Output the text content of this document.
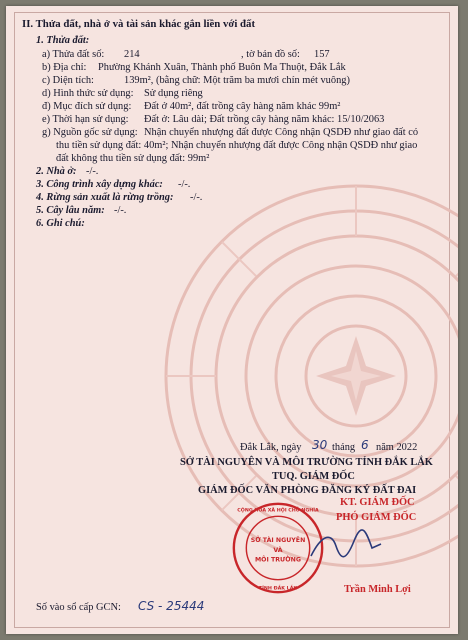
II. Thửa đất, nhà ở và tài sản khác gắn liền với đất
1. Thửa đất:
a) Thửa đất số: 214	, tờ bản đồ số: 157
b) Địa chỉ: Phường Khánh Xuân, Thành phố Buôn Ma Thuột, Đắk Lắk
c) Diện tích:	139m², (bằng chữ: Một trăm ba mươi chín mét vuông)
d) Hình thức sử dụng: Sử dụng riêng
đ) Mục đích sử dụng: Đất ở 40m², đất trồng cây hàng năm khác 99m²
e) Thời hạn sử dụng: Đất ở: Lâu dài; Đất trồng cây hàng năm khác: 15/10/2063
g) Nguồn gốc sử dụng: Nhận chuyển nhượng đất được Công nhận QSDĐ như giao đất có
thu tiền sử dụng đất: 40m²; Nhận chuyển nhượng đất được Công nhận QSDĐ như giao
đất không thu tiền sử dụng đất: 99m²
2. Nhà ở: -/-.
3. Công trình xây dựng khác: -/-.
4. Rừng sản xuất là rừng trồng: -/-.
5. Cây lâu năm: -/-.
6. Ghi chú:
Đắk Lắk, ngày 30 tháng 6 năm 2022
SỞ TÀI NGUYÊN VÀ MÔI TRƯỜNG TỈNH ĐẮK LẮK
TUQ. GIÁM ĐỐC
GIÁM ĐỐC VĂN PHÒNG ĐĂNG KÝ ĐẤT ĐAI
KT. GIÁM ĐỐC
PHÓ GIÁM ĐỐC
SỞ TÀI NGUYÊN
VÀ
MÔI TRƯỜNG
CỘNG HÒA XÃ HỘI CHỦ NGHĨA
TỈNH ĐẮK LẮK	Trần Minh Lợi
Số vào sổ cấp GCN: CS - 25444
